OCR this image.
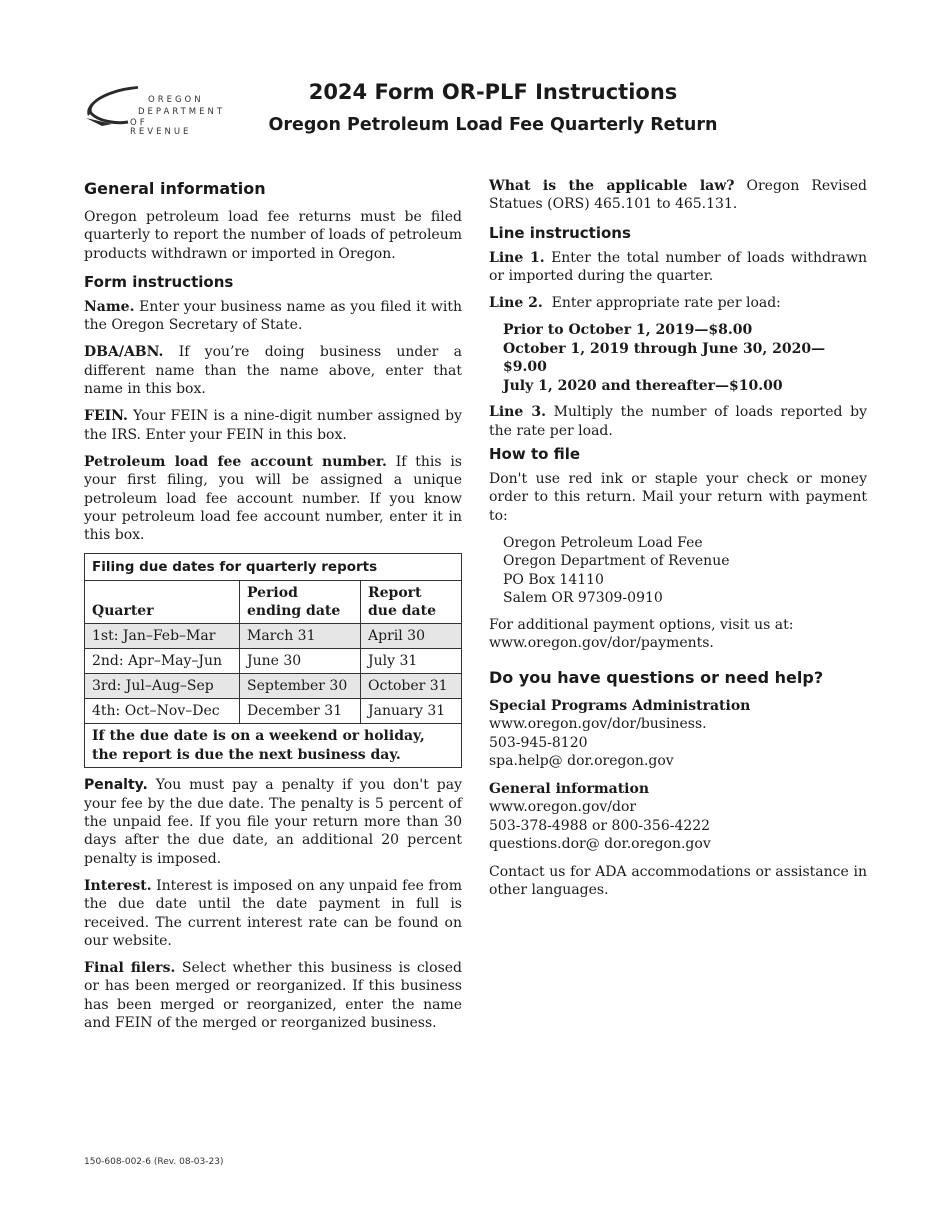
OREGON
DEPARTMENT
OF REVENUE
2024 Form OR-PLF Instructions
Oregon Petroleum Load Fee Quarterly Return
General information

Oregon petroleum load fee returns must be filed quarterly to report the number of loads of petroleum products withdrawn or imported in Oregon.

Form instructions

Name. Enter your business name as you filed it with the Oregon Secretary of State.

DBA/ABN. If you’re doing business under a different name than the name above, enter that name in this box.

FEIN. Your FEIN is a nine-digit number assigned by the IRS. Enter your FEIN in this box.

Petroleum load fee account number. If this is your first filing, you will be assigned a unique petroleum load fee account number. If you know your petroleum load fee account number, enter it in this box.

Filing due dates for quarterly reports		
Quarter	Period ending date	Report due date
1st: Jan–Feb–Mar	March 31	April 30
2nd: Apr–May–Jun	June 30	July 31
3rd: Jul–Aug–Sep	September 30	October 31
4th: Oct–Nov–Dec	December 31	January 31
If the due date is on a weekend or holiday, the report is due the next business day.		

Penalty. You must pay a penalty if you don't pay your fee by the due date. The penalty is 5 percent of the unpaid fee. If you file your return more than 30 days after the due date, an additional 20 percent penalty is imposed.

Interest. Interest is imposed on any unpaid fee from the due date until the date payment in full is received. The current interest rate can be found on our website.

Final filers. Select whether this business is closed or has been merged or reorganized. If this business has been merged or reorganized, enter the name and FEIN of the merged or reorganized business.

What is the applicable law? Oregon Revised Statues (ORS) 465.101 to 465.131.

Line instructions

Line 1. Enter the total number of loads withdrawn or imported during the quarter.

Line 2. Enter appropriate rate per load:

Prior to October 1, 2019—$8.00
October 1, 2019 through June 30, 2020—$9.00
July 1, 2020 and thereafter—$10.00

Line 3. Multiply the number of loads reported by the rate per load.

How to file

Don't use red ink or staple your check or money order to this return. Mail your return with payment to:

Oregon Petroleum Load Fee
Oregon Department of Revenue
PO Box 14110
Salem OR 97309-0910
For additional payment options, visit us at:
www.oregon.gov/dor/payments.
Do you have questions or need help?
Special Programs Administration
www.oregon.gov/dor/business.
503-945-8120
spa.help@ dor.oregon.gov
General information
www.oregon.gov/dor
503-378-4988 or 800-356-4222
questions.dor@ dor.oregon.gov

Contact us for ADA accommodations or assistance in other languages.

150-608-002-6 (Rev. 08-03-23)
